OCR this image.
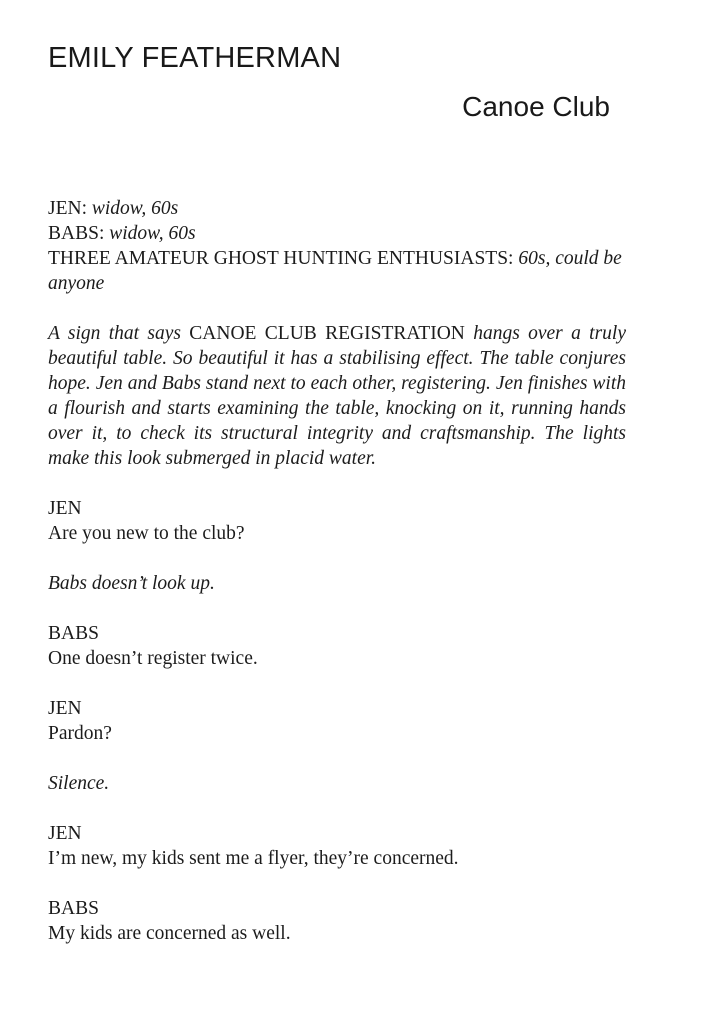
EMILY FEATHERMAN
Canoe Club
JEN: widow, 60s
BABS: widow, 60s
THREE AMATEUR GHOST HUNTING ENTHUSIASTS: 60s, could be anyone

A sign that says CANOE CLUB REGISTRATION hangs over a truly beautiful table. So beautiful it has a stabilising effect. The table conjures hope. Jen and Babs stand next to each other, registering. Jen finishes with a flourish and starts examining the table, knocking on it, running hands over it, to check its structural integrity and craftsmanship. The lights make this look submerged in placid water.

JEN
Are you new to the club?
Babs doesn’t look up.
BABS
One doesn’t register twice.
JEN
Pardon?
Silence.
JEN
I’m new, my kids sent me a flyer, they’re concerned.
BABS
My kids are concerned as well.
